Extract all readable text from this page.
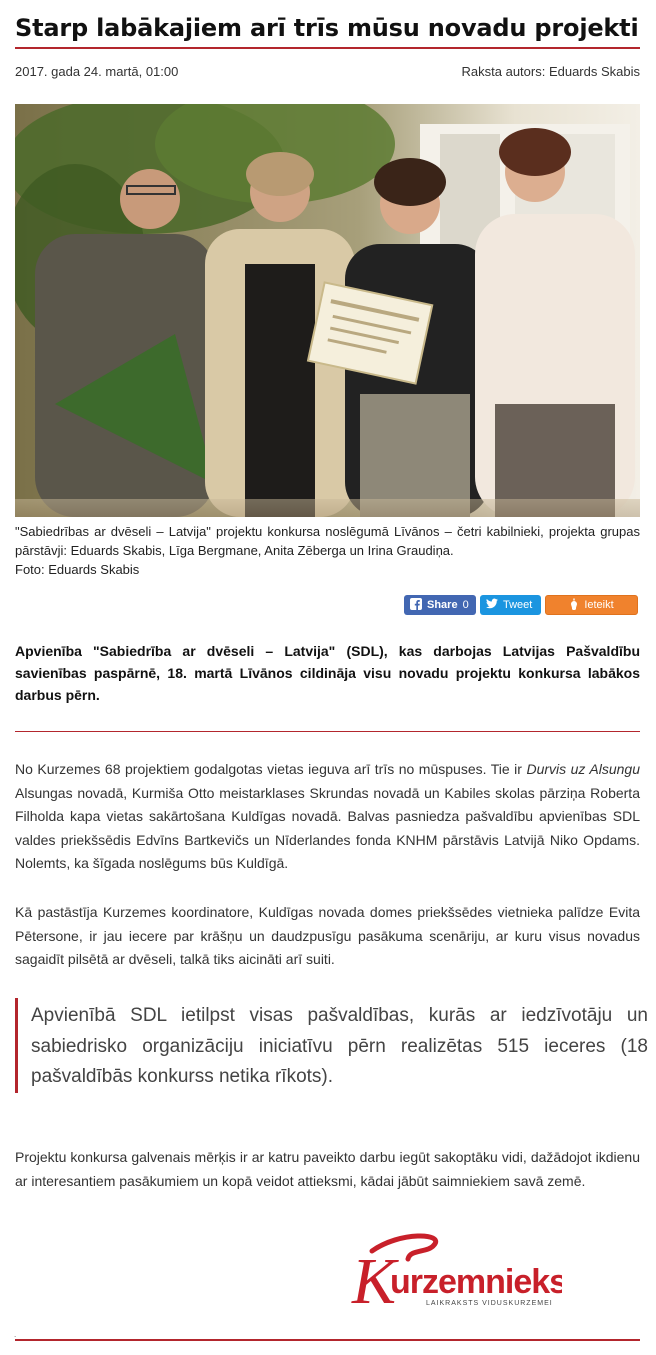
Starp labākajiem arī trīs mūsu novadu projekti
2017. gada 24. martā, 01:00	Raksta autors: Eduards Skabis
"Sabiedrības ar dvēseli – Latvija" projektu konkursa noslēgumā Līvānos – četri kabilnieki, projekta grupas pārstāvji: Eduards Skabis, Līga Bergmane, Anita Zēberga un Irina Graudiņa.
Foto: Eduards Skabis
Share 0	Tweet	Ieteikt
Apvienība "Sabiedrība ar dvēseli – Latvija" (SDL), kas darbojas Latvijas Pašvaldību savienības paspārnē, 18. martā Līvānos cildināja visu novadu projektu konkursa labākos darbus pērn.
No Kurzemes 68 projektiem godalgotas vietas ieguva arī trīs no mūspuses. Tie ir Durvis uz Alsungu Alsungas novadā, Kurmiša Otto meistarklases Skrundas novadā un Kabiles skolas pārziņa Roberta Filholda kapa vietas sakārtošana Kuldīgas novadā. Balvas pasniedza pašvaldību apvienības SDL valdes priekšsēdis Edvīns Bartkevičs un Nīderlandes fonda KNHM pārstāvis Latvijā Niko Opdams. Nolemts, ka šīgada noslēgums būs Kuldīgā.
Kā pastāstīja Kurzemes koordinatore, Kuldīgas novada domes priekšsēdes vietnieka palīdze Evita Pētersone, ir jau iecere par krāšņu un daudzpusīgu pasākuma scenāriju, ar kuru visus novadus sagaidīt pilsētā ar dvēseli, talkā tiks aicināti arī suiti.
Apvienībā SDL ietilpst visas pašvaldības, kurās ar iedzīvotāju un sabiedrisko organizāciju iniciatīvu pērn realizētas 515 ieceres (18 pašvaldībās konkurss netika rīkots).
Projektu konkursa galvenais mērķis ir ar katru paveikto darbu iegūt sakoptāku vidi, dažādojot ikdienu ar interesantiem pasākumiem un kopā veidot attieksmi, kādai jābūt saimniekiem savā zemē.
K
urzemnieks
LAIKRAKSTS VIDUSKURZEMEI
.
